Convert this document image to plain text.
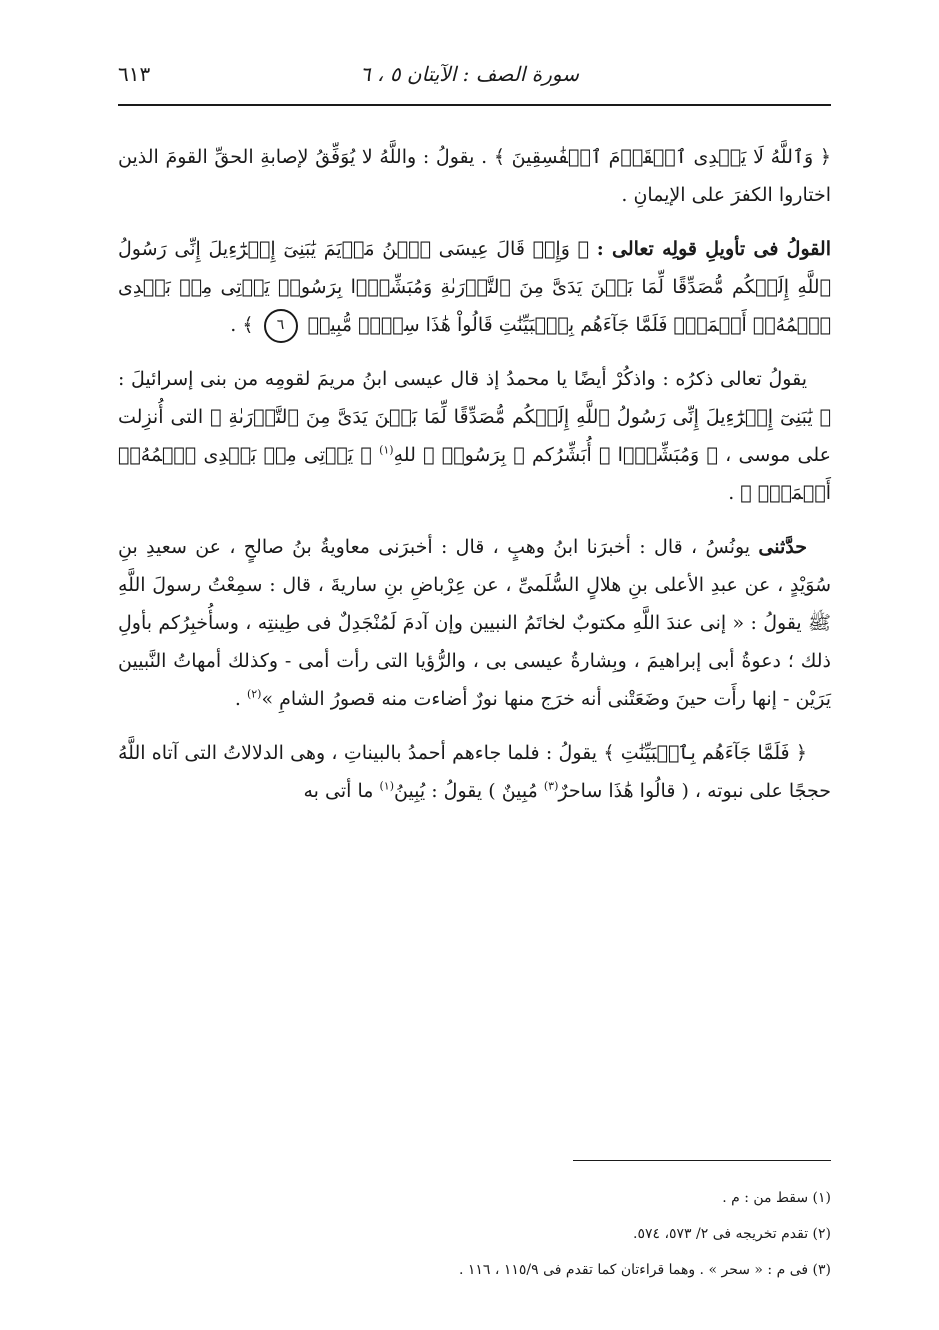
سورة الصف : الآيتان ٥ ، ٦
٦١٣

﴿ وَٱللَّهُ لَا يَهۡدِى ٱلۡقَوۡمَ ٱلۡفَٰسِقِينَ ﴾ . يقولُ : واللَّهُ لا يُوَفِّقُ لإصابةِ الحقِّ القومَ الذين اختاروا الكفرَ على الإيمانِ .

القولُ فى تأويلِ قولِه تعالى : ﴿ وَإِذۡ قَالَ عِيسَى ٱبۡنُ مَرۡيَمَ يَٰبَنِىٓ إِسۡرَٰٓءِيلَ إِنِّى رَسُولُ ٱللَّهِ إِلَيۡكُم مُّصَدِّقًا لِّمَا بَيۡنَ يَدَىَّ مِنَ ٱلتَّوۡرَىٰةِ وَمُبَشِّرًۢا بِرَسُولٖ يَأۡتِى مِنۢ بَعۡدِى ٱسۡمُهُۥٓ أَحۡمَدُۖ فَلَمَّا جَآءَهُم بِٱلۡبَيِّنَٰتِ قَالُواْ هَٰذَا سِحۡرٞ مُّبِينٞ ٦ ﴾ .

يقولُ تعالى ذكرُه : واذكُرْ أيضًا يا محمدُ إذ قال عيسى ابنُ مريمَ لقومِه من بنى إسرائيلَ : ﴿ يَٰبَنِىٓ إِسۡرَٰٓءِيلَ إِنِّى رَسُولُ ٱللَّهِ إِلَيۡكُم مُّصَدِّقًا لِّمَا بَيۡنَ يَدَىَّ مِنَ ٱلتَّوۡرَىٰةِ ﴾ التى أُنزِلت على موسى ، ﴿ وَمُبَشِّرًۢا ﴾ أُبَشِّرُكم ﴿ بِرَسُولٖ ﴾ للهِ$^{(١)}$ ﴿ يَأۡتِى مِنۢ بَعۡدِى ٱسۡمُهُۥٓ أَحۡمَدُۖ ﴾ .

حدَّثنى يونُسُ ، قال : أخبرَنا ابنُ وهبٍ ، قال : أخبرَنى معاويةُ بنُ صالحٍ ، عن سعيدِ بنِ سُوَيْدٍ ، عن عبدِ الأعلى بنِ هلالٍ السُّلَمىِّ ، عن عِرْباضِ بنِ ساريةَ ، قال : سمِعْتُ رسولَ اللَّهِ ﷺ يقولُ : « إنى عندَ اللَّهِ مكتوبٌ لخاتَمُ النبيين وإن آدمَ لَمُنْجَدِلٌ فى طِينتِه ، وسأُخبِرُكم بأولِ ذلك ؛ دعوةُ أبى إبراهيمَ ، وبِشارةُ عيسى بى ، والرُّؤيا التى رأت أمى - وكذلك أمهاتُ النَّبيين يَرَيْن - إنها رأَت حينَ وضَعَتْنى أنه خرَج منها نورٌ أضاءت منه قصورُ الشامِ »$^{(٢)}$ .

﴿ فَلَمَّا جَآءَهُم بِٱلۡبَيِّنَٰتِ ﴾ يقولُ : فلما جاءهم أحمدُ بالبيناتِ ، وهى الدلالاتُ التى آتاه اللَّهُ حججًا على نبوته ، ( قالُوا هَٰذَا ساحرٌ$^{(٣)}$ مُبِينٌ ) يقولُ : يُبِينُ$^{(١)}$ ما أتى به

(١) سقط من : م .

(٢) تقدم تخريجه فى ٢/ ٥٧٣، ٥٧٤.

(٣) فى م : « سحر » . وهما قراءتان كما تقدم فى ١١٥/٩ ، ١١٦ .
